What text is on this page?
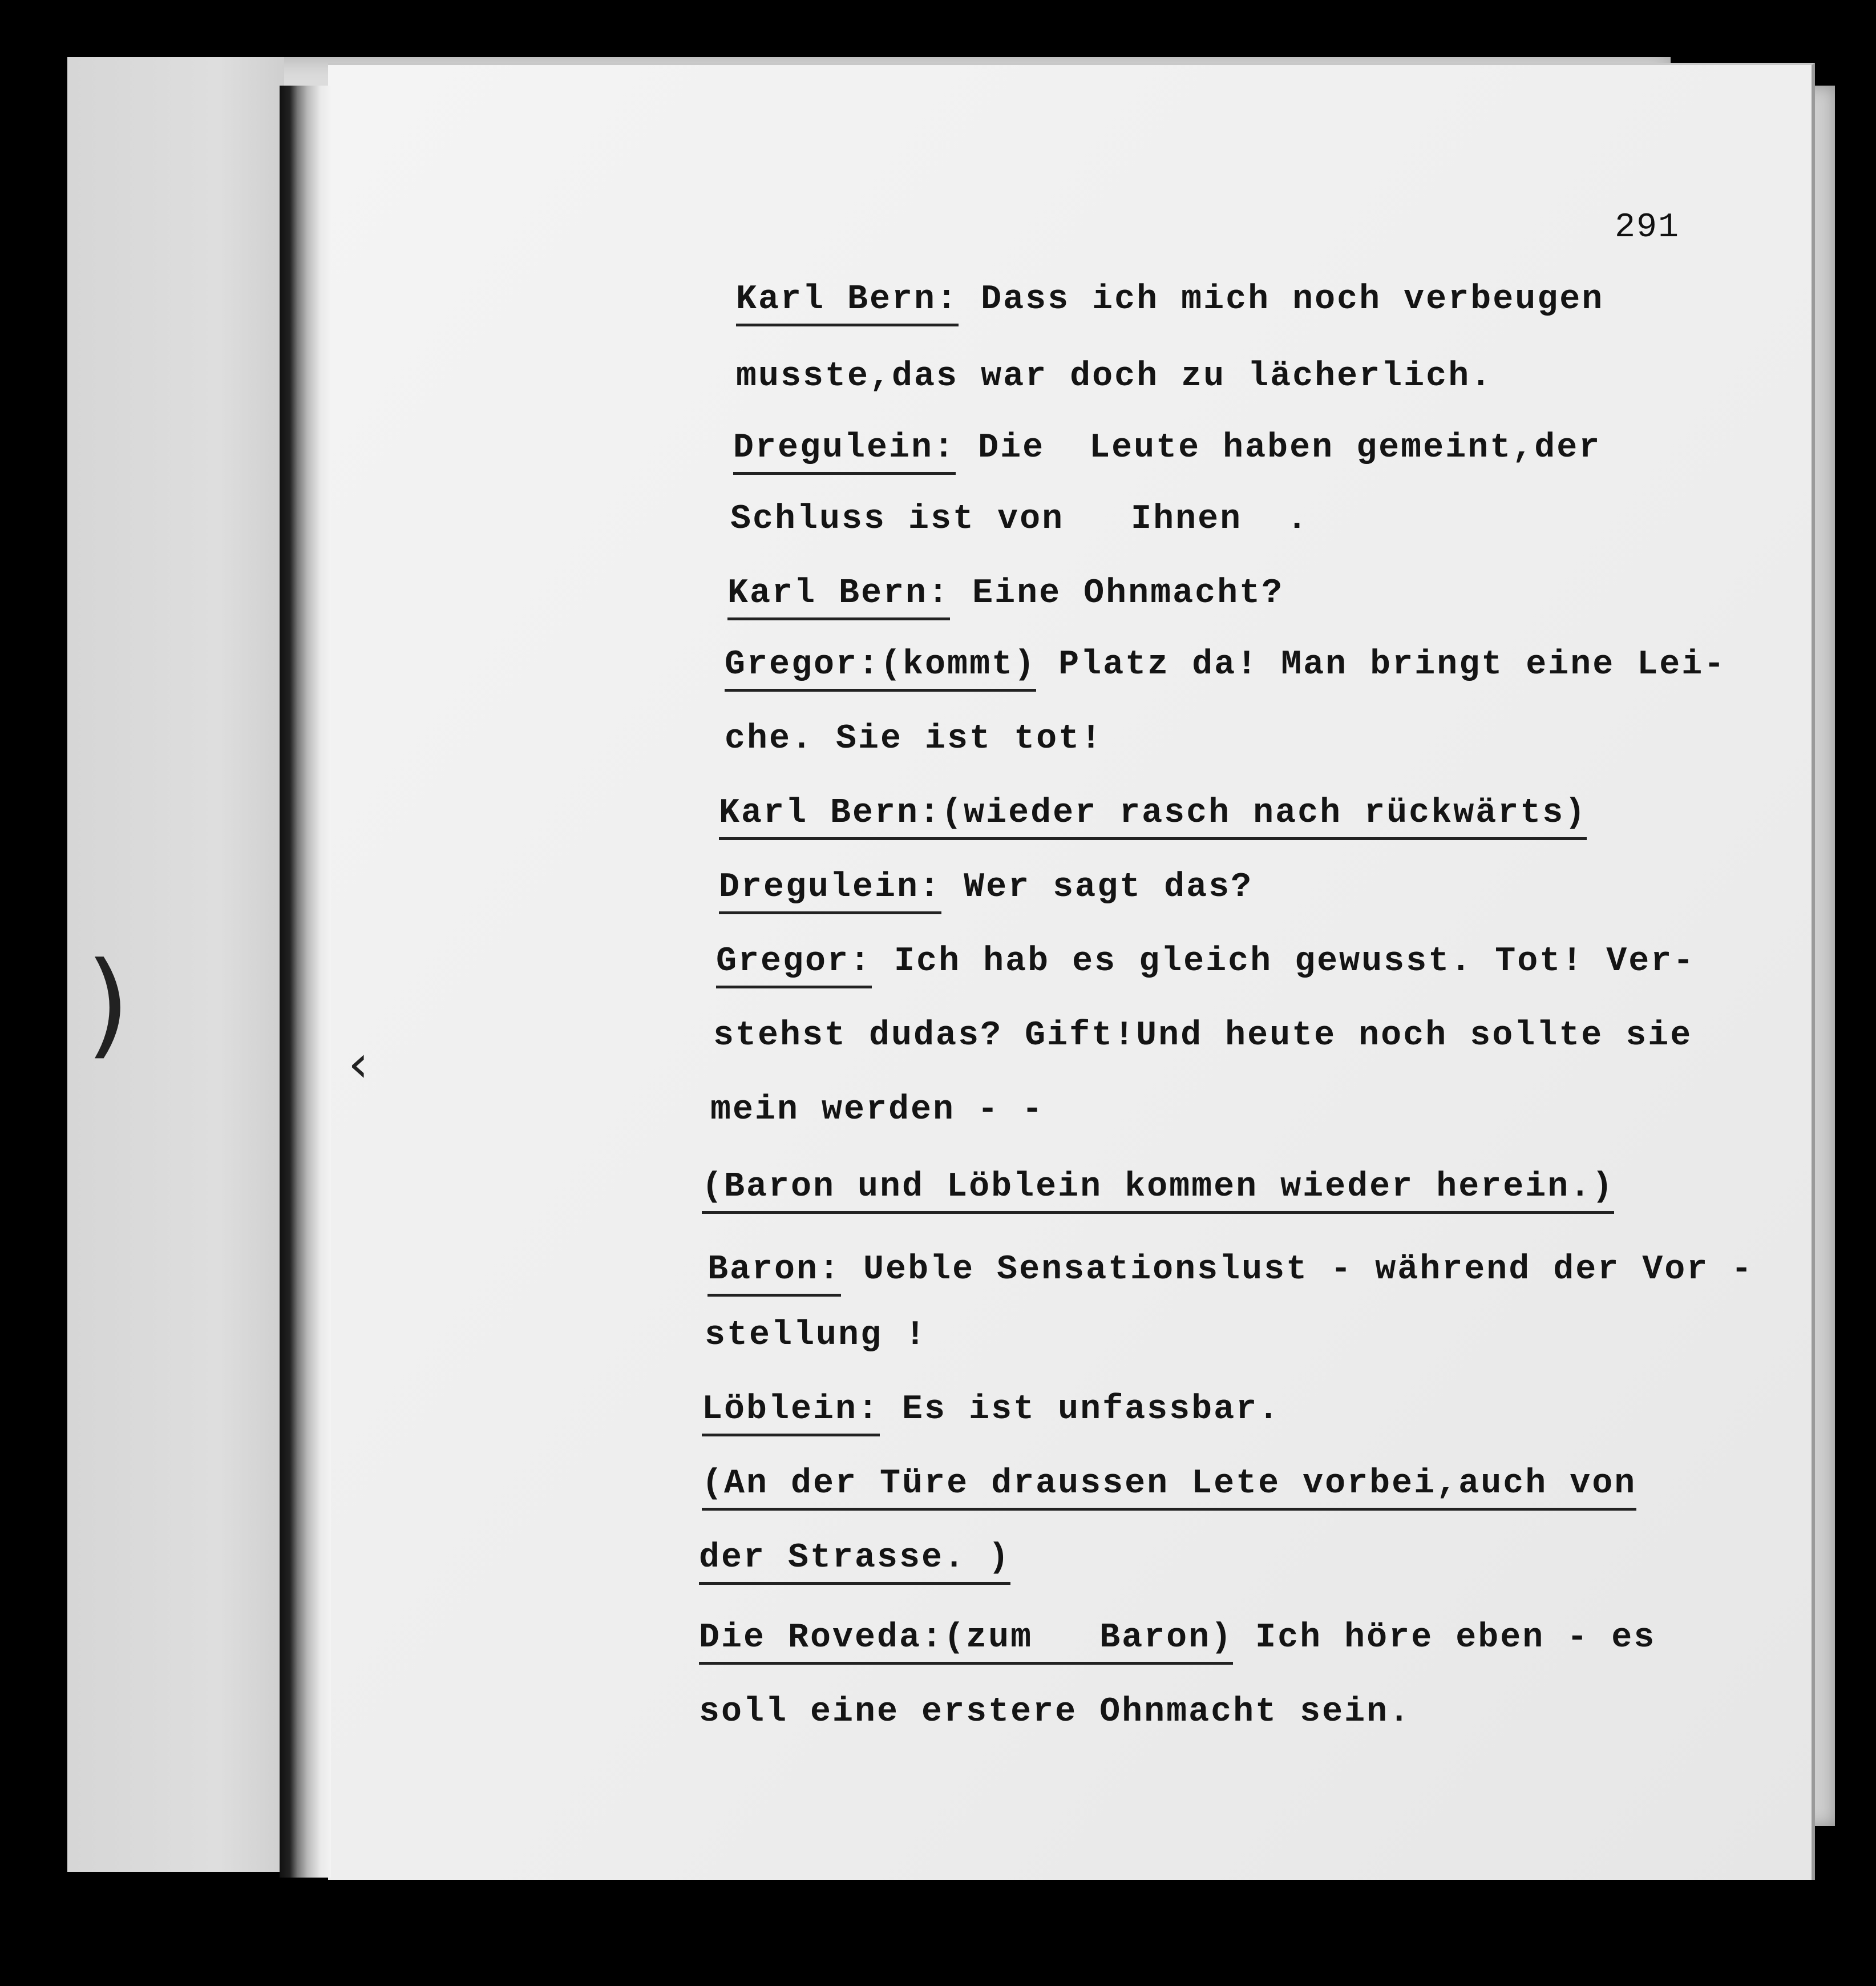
)	‹
291
Karl Bern: Dass ich mich noch verbeugen
musste,das war doch zu lächerlich.
Dregulein: Die  Leute haben gemeint,der
Schluss ist von   Ihnen  .
Karl Bern: Eine Ohnmacht?
Gregor:(kommt) Platz da! Man bringt eine Lei-
che. Sie ist tot!
Karl Bern:(wieder rasch nach rückwärts)
Dregulein: Wer sagt das?
Gregor: Ich hab es gleich gewusst. Tot! Ver-
stehst dudas? Gift!Und heute noch sollte sie
mein werden - -
(Baron und Löblein kommen wieder herein.)
Baron: Ueble Sensationslust - während der Vor -
stellung !
Löblein: Es ist unfassbar.
(An der Türe draussen Lete vorbei,auch von
der Strasse. )
Die Roveda:(zum   Baron) Ich höre eben - es
soll eine erstere Ohnmacht sein.
